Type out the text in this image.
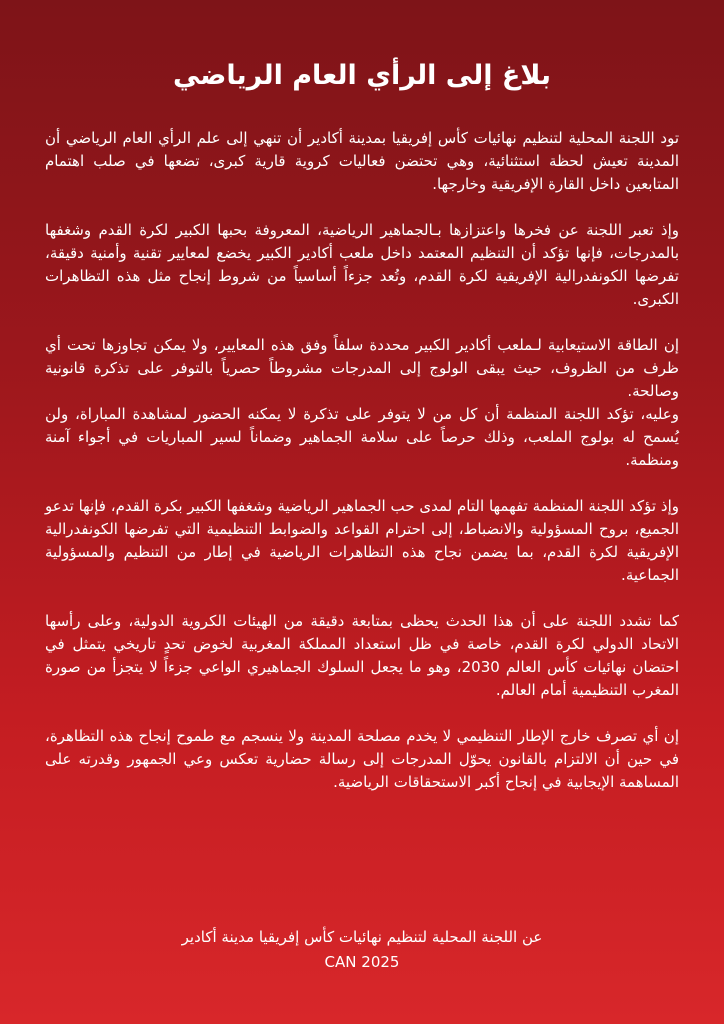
بلاغ إلى الرأي العام الرياضي

تود اللجنة المحلية لتنظيم نهائيات كأس إفريقيا بمدينة أكادير أن تنهي إلى علم الرأي العام الرياضي أن المدينة تعيش لحظة استثنائية، وهي تحتضن فعاليات كروية قارية كبرى، تضعها في صلب اهتمام المتابعين داخل القارة الإفريقية وخارجها.

وإذ تعبر اللجنة عن فخرها واعتزازها بـالجماهير الرياضية، المعروفة بحبها الكبير لكرة القدم وشغفها بالمدرجات، فإنها تؤكد أن التنظيم المعتمد داخل ملعب أكادير الكبير يخضع لمعايير تقنية وأمنية دقيقة، تفرضها الكونفدرالية الإفريقية لكرة القدم، وتُعد جزءاً أساسياً من شروط إنجاح مثل هذه التظاهرات الكبرى.

إن الطاقة الاستيعابية لـملعب أكادير الكبير محددة سلفاً وفق هذه المعايير، ولا يمكن تجاوزها تحت أي ظرف من الظروف، حيث يبقى الولوج إلى المدرجات مشروطاً حصرياً بالتوفر على تذكرة قانونية وصالحة.

وعليه، تؤكد اللجنة المنظمة أن كل من لا يتوفر على تذكرة لا يمكنه الحضور لمشاهدة المباراة، ولن يُسمح له بولوج الملعب، وذلك حرصاً على سلامة الجماهير وضماناً لسير المباريات في أجواء آمنة ومنظمة.

وإذ تؤكد اللجنة المنظمة تفهمها التام لمدى حب الجماهير الرياضية وشغفها الكبير بكرة القدم، فإنها تدعو الجميع، بروح المسؤولية والانضباط، إلى احترام القواعد والضوابط التنظيمية التي تفرضها الكونفدرالية الإفريقية لكرة القدم، بما يضمن نجاح هذه التظاهرات الرياضية في إطار من التنظيم والمسؤولية الجماعية.

كما تشدد اللجنة على أن هذا الحدث يحظى بمتابعة دقيقة من الهيئات الكروية الدولية، وعلى رأسها الاتحاد الدولي لكرة القدم، خاصة في ظل استعداد المملكة المغربية لخوض تحدٍ تاريخي يتمثل في احتضان نهائيات كأس العالم 2030، وهو ما يجعل السلوك الجماهيري الواعي جزءاً لا يتجزأ من صورة المغرب التنظيمية أمام العالم.

إن أي تصرف خارج الإطار التنظيمي لا يخدم مصلحة المدينة ولا ينسجم مع طموح إنجاح هذه التظاهرة، في حين أن الالتزام بالقانون يحوّل المدرجات إلى رسالة حضارية تعكس وعي الجمهور وقدرته على المساهمة الإيجابية في إنجاح أكبر الاستحقاقات الرياضية.

عن اللجنة المحلية لتنظيم نهائيات كأس إفريقيا مدينة أكادير
CAN 2025
